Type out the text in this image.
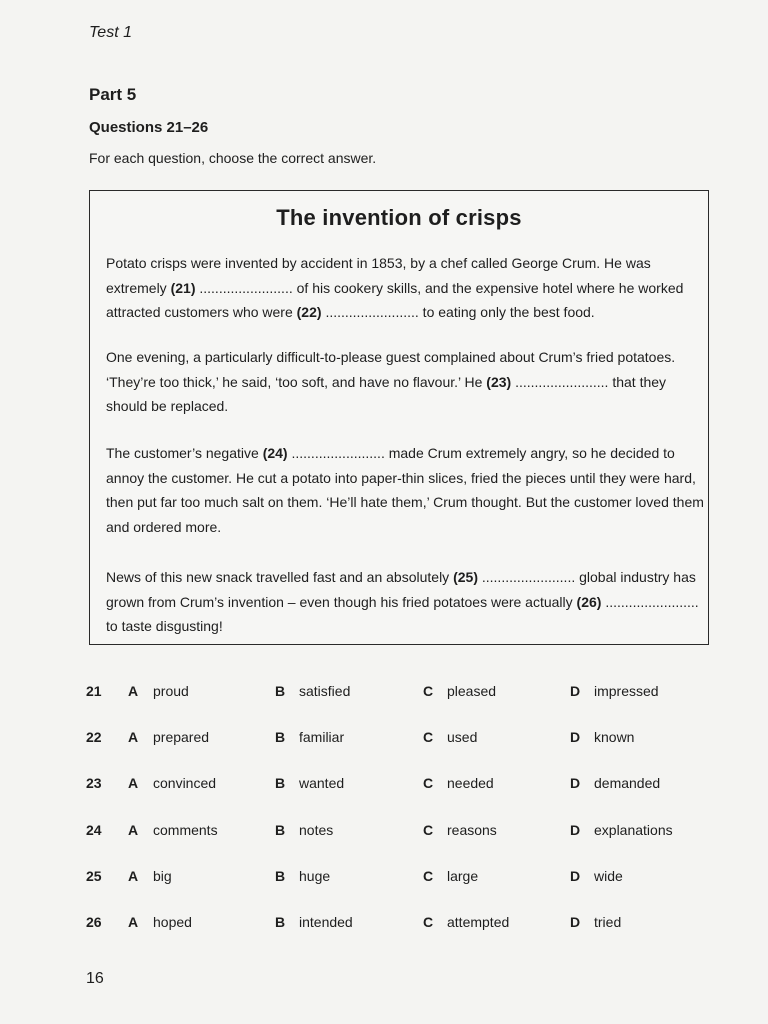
Test 1
Part 5
Questions 21–26
For each question, choose the correct answer.
The invention of crisps
Potato crisps were invented by accident in 1853, by a chef called George Crum. He was extremely (21) ........................ of his cookery skills, and the expensive hotel where he worked attracted customers who were (22) ........................ to eating only the best food.
One evening, a particularly difficult-to-please guest complained about Crum’s fried potatoes. ‘They’re too thick,’ he said, ‘too soft, and have no flavour.’ He (23) ........................ that they should be replaced.
The customer’s negative (24) ........................ made Crum extremely angry, so he decided to annoy the customer. He cut a potato into paper-thin slices, fried the pieces until they were hard, then put far too much salt on them. ‘He’ll hate them,’ Crum thought. But the customer loved them and ordered more.
News of this new snack travelled fast and an absolutely (25) ........................ global industry has grown from Crum’s invention – even though his fried potatoes were actually (26) ........................ to taste disgusting!
21 A proud	B satisfied	C pleased	D impressed
22 A prepared	B familiar	C used	D known
23 A convinced	B wanted	C needed	D demanded
24 A comments	B notes	C reasons	D explanations
25 A big	B huge	C large	D wide
26 A hoped	B intended	C attempted	D tried
16
